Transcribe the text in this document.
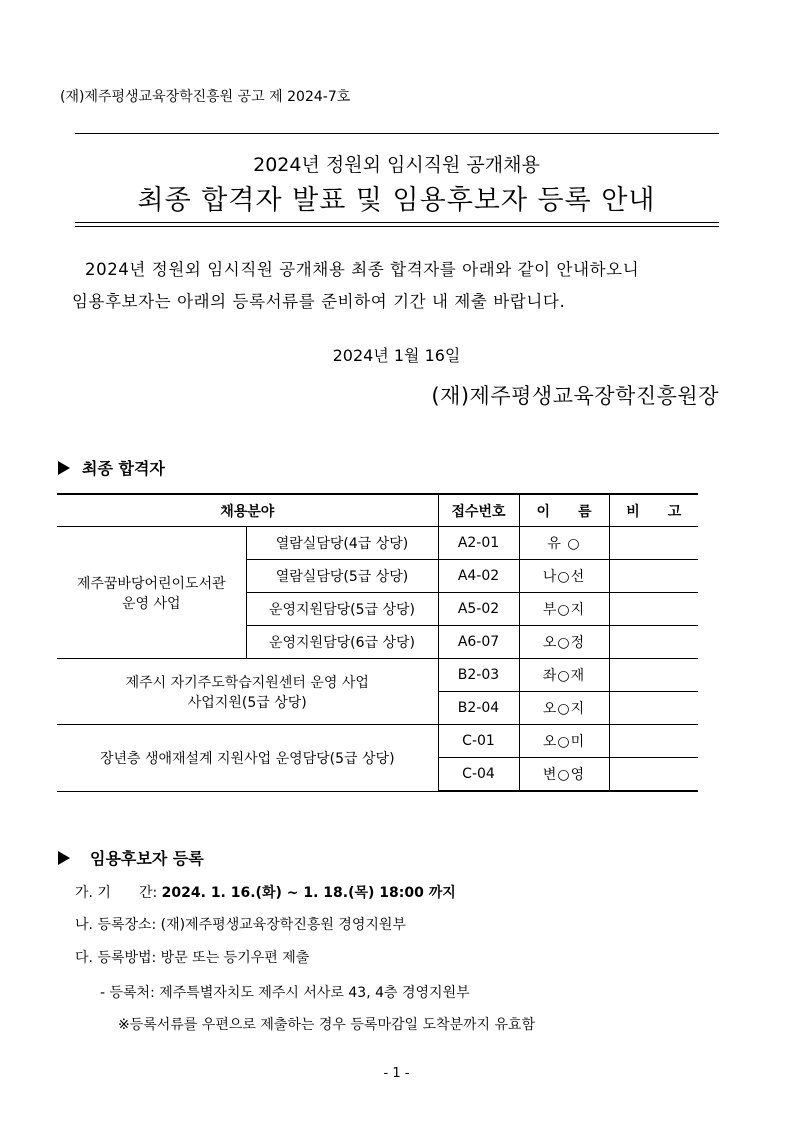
(재)제주평생교육장학진흥원 공고 제 2024-7호
2024년 정원외 임시직원 공개채용
최종 합격자 발표 및 임용후보자 등록 안내
2024년 정원외 임시직원 공개채용 최종 합격자를 아래와 같이 안내하오니
임용후보자는 아래의 등록서류를 준비하여 기간 내 제출 바랍니다.
2024년 1월 16일
(재)제주평생교육장학진흥원장
최종 합격자
채용분야		접수번호	이　　름	비　　고

제주꿈바당어린이도서관
운영 사업	열람실담당(4급 상당)	A2-01	유 ○	
	열람실담당(5급 상당)	A4-02	나○선	
	운영지원담당(5급 상당)	A5-02	부○지	
	운영지원담당(6급 상당)	A6-07	오○정	

제주시 자기주도학습지원센터 운영 사업
사업지원(5급 상당)		B2-03	좌○재	
		B2-04	오○지	
장년층 생애재설계 지원사업 운영담당(5급 상당)		C-01	오○미	
		C-04	변○영	
임용후보자 등록
가. 기　　간: 2024. 1. 16.(화) ~ 1. 18.(목) 18:00 까지
나. 등록장소: (재)제주평생교육장학진흥원 경영지원부
다. 등록방법: 방문 또는 등기우편 제출
- 등록처: 제주특별자치도 제주시 서사로 43, 4층 경영지원부
※등록서류를 우편으로 제출하는 경우 등록마감일 도착분까지 유효함
- 1 -
